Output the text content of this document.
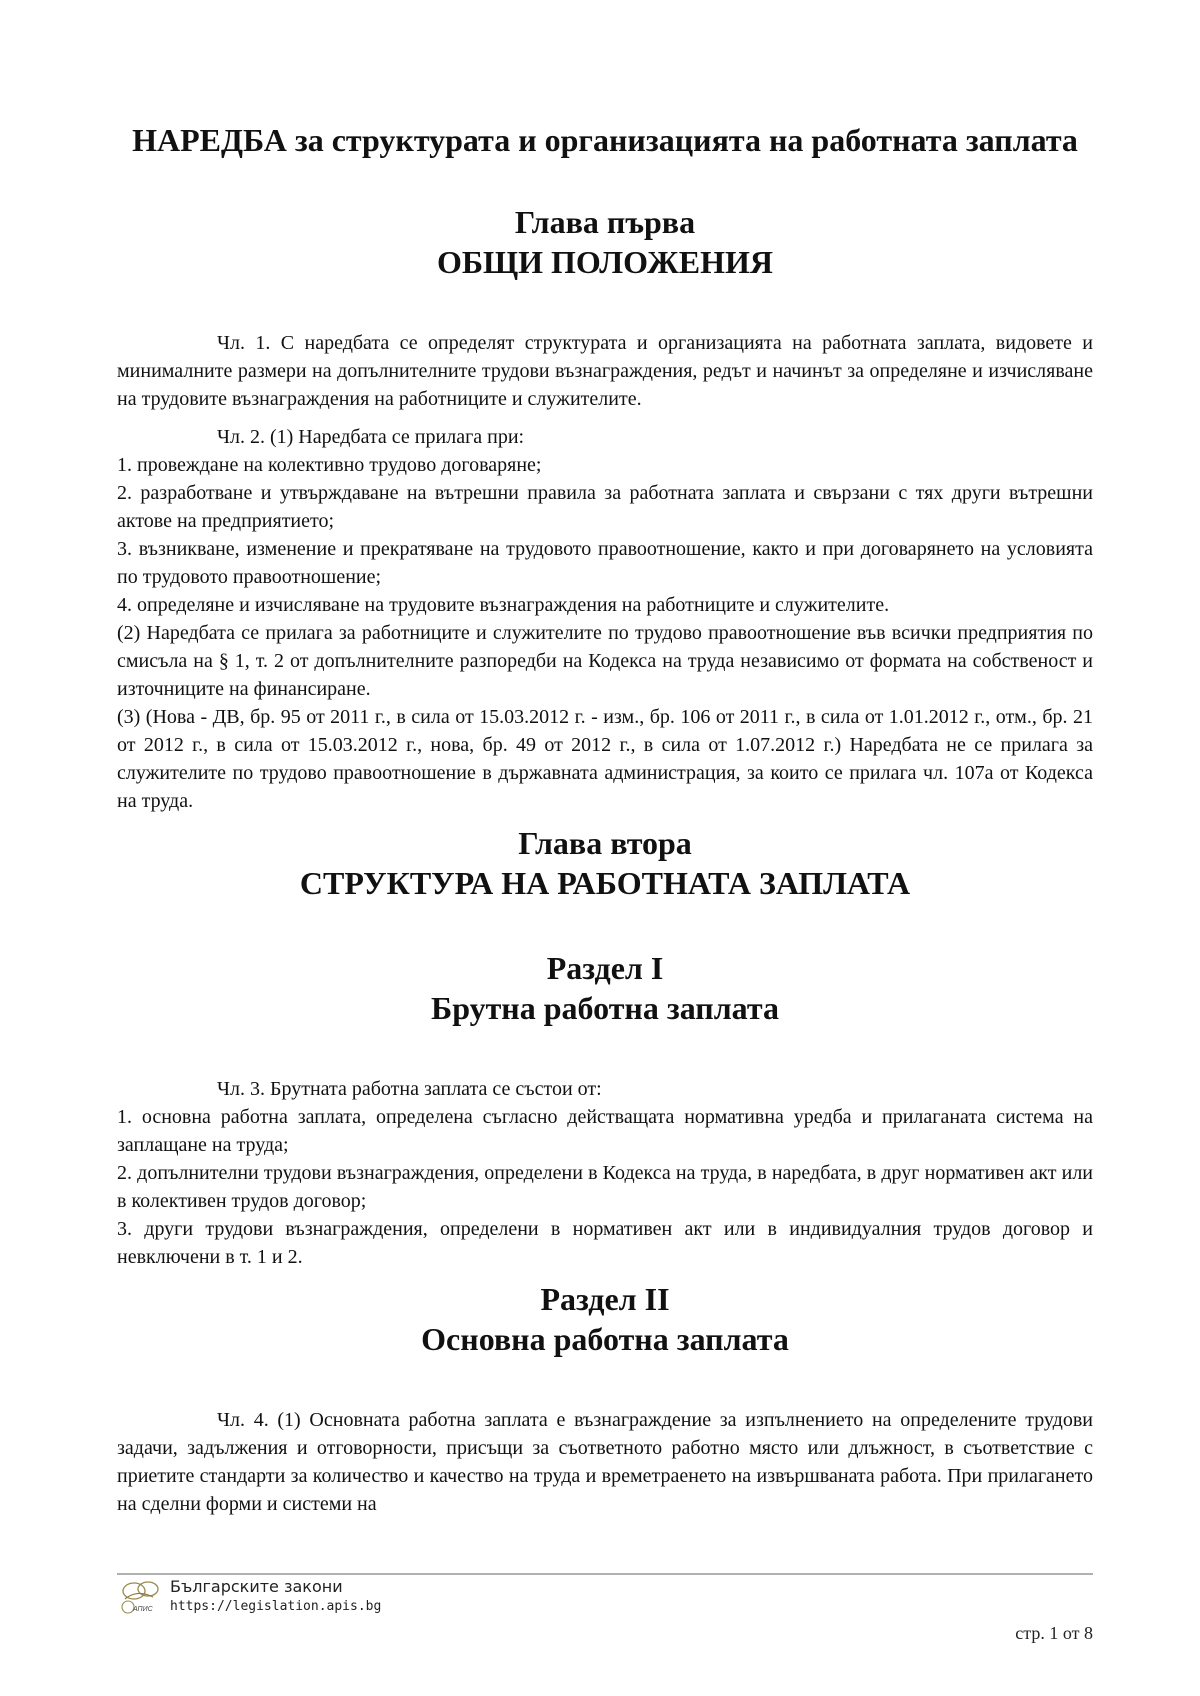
НАРЕДБА за структурата и организацията на работната заплата
Глава първа
ОБЩИ ПОЛОЖЕНИЯ

Чл. 1. С наредбата се определят структурата и организацията на работната заплата, видовете и минималните размери на допълнителните трудови възнаграждения, редът и начинът за определяне и изчисляване на трудовите възнаграждения на работниците и служителите.

Чл. 2. (1) Наредбата се прилага при:

1. провеждане на колективно трудово договаряне;

2. разработване и утвърждаване на вътрешни правила за работната заплата и свързани с тях други вътрешни актове на предприятието;

3. възникване, изменение и прекратяване на трудовото правоотношение, както и при договарянето на условията по трудовото правоотношение;

4. определяне и изчисляване на трудовите възнаграждения на работниците и служителите.

(2) Наредбата се прилага за работниците и служителите по трудово правоотношение във всички предприятия по смисъла на § 1, т. 2 от допълнителните разпоредби на Кодекса на труда независимо от формата на собственост и източниците на финансиране.

(3) (Нова - ДВ, бр. 95 от 2011 г., в сила от 15.03.2012 г. - изм., бр. 106 от 2011 г., в сила от 1.01.2012 г., отм., бр. 21 от 2012 г., в сила от 15.03.2012 г., нова, бр. 49 от 2012 г., в сила от 1.07.2012 г.) Наредбата не се прилага за служителите по трудово правоотношение в държавната администрация, за които се прилага чл. 107а от Кодекса на труда.

Глава втора
СТРУКТУРА НА РАБОТНАТА ЗАПЛАТА
Раздел I
Брутна работна заплата

Чл. 3. Брутната работна заплата се състои от:

1. основна работна заплата, определена съгласно действащата нормативна уредба и прилаганата система на заплащане на труда;

2. допълнителни трудови възнаграждения, определени в Кодекса на труда, в наредбата, в друг нормативен акт или в колективен трудов договор;

3. други трудови възнаграждения, определени в нормативен акт или в индивидуалния трудов договор и невключени в т. 1 и 2.

Раздел II
Основна работна заплата

Чл. 4. (1) Основната работна заплата е възнаграждение за изпълнението на определените трудови задачи, задължения и отговорности, присъщи за съответното работно място или длъжност, в съответствие с приетите стандарти за количество и качество на труда и времетраенето на извършваната работа. При прилагането на сделни форми и системи на

АПИС
Българските закони
https://legislation.apis.bg
стр. 1 от 8
